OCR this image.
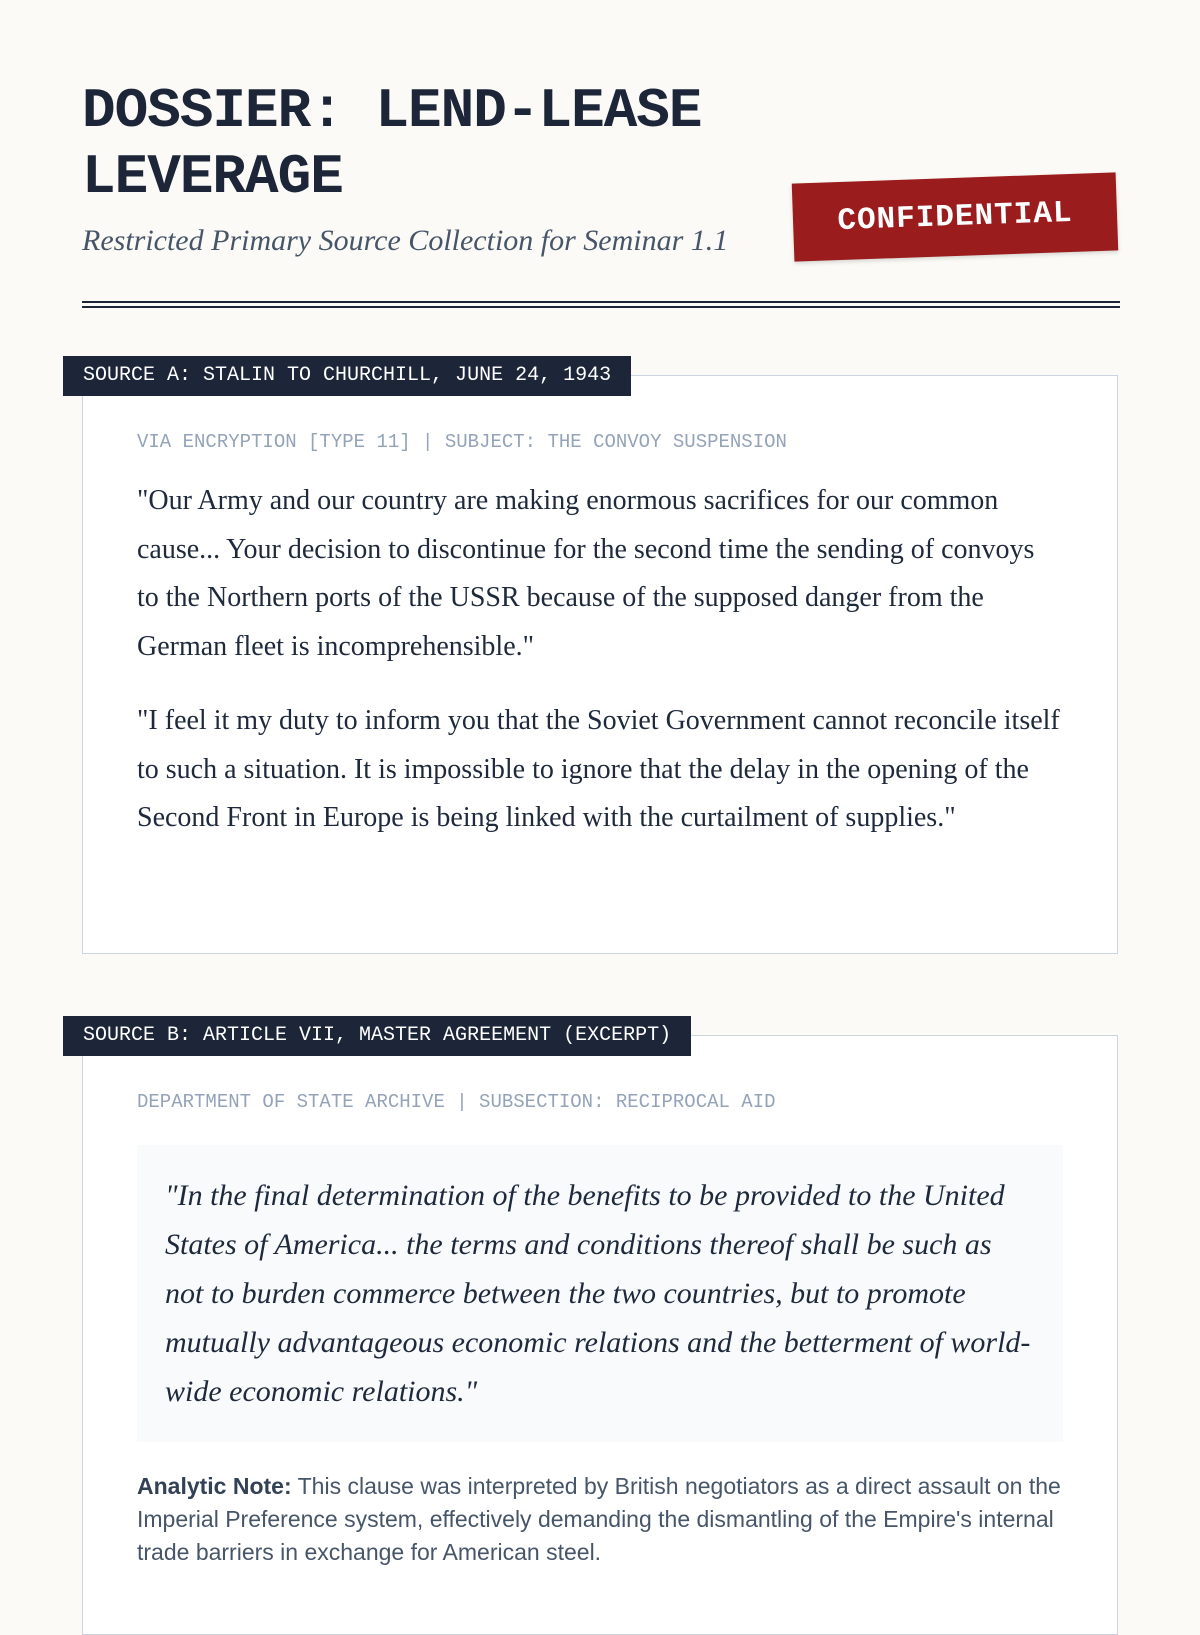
DOSSIER: LEND-LEASE LEVERAGE
Restricted Primary Source Collection for Seminar 1.1
CONFIDENTIAL
SOURCE A: STALIN TO CHURCHILL, JUNE 24, 1943
VIA ENCRYPTION [TYPE 11] | SUBJECT: THE CONVOY SUSPENSION

"Our Army and our country are making enormous sacrifices for our common cause... Your decision to discontinue for the second time the sending of convoys to the Northern ports of the USSR because of the supposed danger from the German fleet is incomprehensible."

"I feel it my duty to inform you that the Soviet Government cannot reconcile itself to such a situation. It is impossible to ignore that the delay in the opening of the Second Front in Europe is being linked with the curtailment of supplies."

SOURCE B: ARTICLE VII, MASTER AGREEMENT (EXCERPT)
DEPARTMENT OF STATE ARCHIVE | SUBSECTION: RECIPROCAL AID
"In the final determination of the benefits to be provided to the United States of America... the terms and conditions thereof shall be such as not to burden commerce between the two countries, but to promote mutually advantageous economic relations and the betterment of world-wide economic relations."
Analytic Note: This clause was interpreted by British negotiators as a direct assault on the Imperial Preference system, effectively demanding the dismantling of the Empire's internal trade barriers in exchange for American steel.
